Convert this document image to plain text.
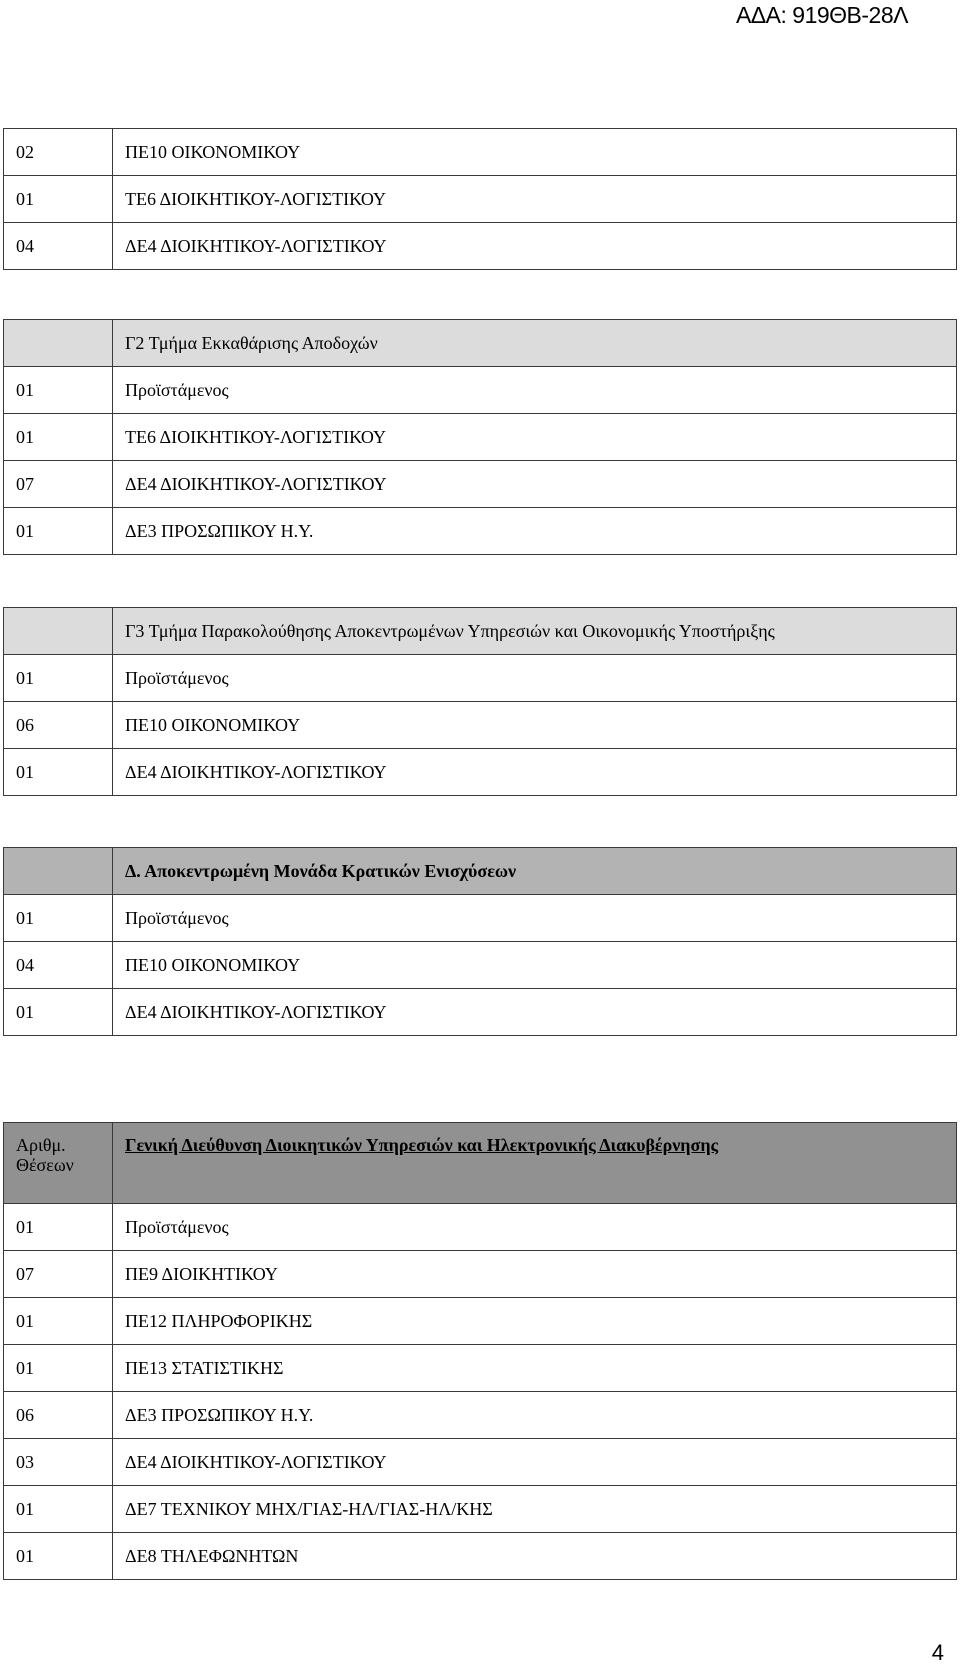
ΑΔΑ: 919ΘΒ-28Λ
02	ΠΕ10 ΟΙΚΟΝΟΜΙΚΟΥ
01	ΤΕ6 ΔΙΟΙΚΗΤΙΚΟΥ-ΛΟΓΙΣΤΙΚΟΥ
04	ΔΕ4 ΔΙΟΙΚΗΤΙΚΟΥ-ΛΟΓΙΣΤΙΚΟΥ
	Γ2 Τμήμα Εκκαθάρισης Αποδοχών
01	Προϊστάμενος
01	ΤΕ6 ΔΙΟΙΚΗΤΙΚΟΥ-ΛΟΓΙΣΤΙΚΟΥ
07	ΔΕ4 ΔΙΟΙΚΗΤΙΚΟΥ-ΛΟΓΙΣΤΙΚΟΥ
01	ΔΕ3 ΠΡΟΣΩΠΙΚΟΥ Η.Υ.
	Γ3 Τμήμα Παρακολούθησης Αποκεντρωμένων Υπηρεσιών και Οικονομικής Υποστήριξης
01	Προϊστάμενος
06	ΠΕ10 ΟΙΚΟΝΟΜΙΚΟΥ
01	ΔΕ4 ΔΙΟΙΚΗΤΙΚΟΥ-ΛΟΓΙΣΤΙΚΟΥ
	Δ. Αποκεντρωμένη Μονάδα Κρατικών Ενισχύσεων
01	Προϊστάμενος
04	ΠΕ10 ΟΙΚΟΝΟΜΙΚΟΥ
01	ΔΕ4 ΔΙΟΙΚΗΤΙΚΟΥ-ΛΟΓΙΣΤΙΚΟΥ
Αριθμ. Θέσεων	Γενική Διεύθυνση Διοικητικών Υπηρεσιών και Ηλεκτρονικής Διακυβέρνησης
01	Προϊστάμενος
07	ΠΕ9 ΔΙΟΙΚΗΤΙΚΟΥ
01	ΠΕ12 ΠΛΗΡΟΦΟΡΙΚΗΣ
01	ΠΕ13 ΣΤΑΤΙΣΤΙΚΗΣ
06	ΔΕ3 ΠΡΟΣΩΠΙΚΟΥ Η.Υ.
03	ΔΕ4 ΔΙΟΙΚΗΤΙΚΟΥ-ΛΟΓΙΣΤΙΚΟΥ
01	ΔΕ7 ΤΕΧΝΙΚΟΥ ΜΗΧ/ΓΙΑΣ-ΗΛ/ΓΙΑΣ-ΗΛ/ΚΗΣ
01	ΔΕ8 ΤΗΛΕΦΩΝΗΤΩΝ
4
